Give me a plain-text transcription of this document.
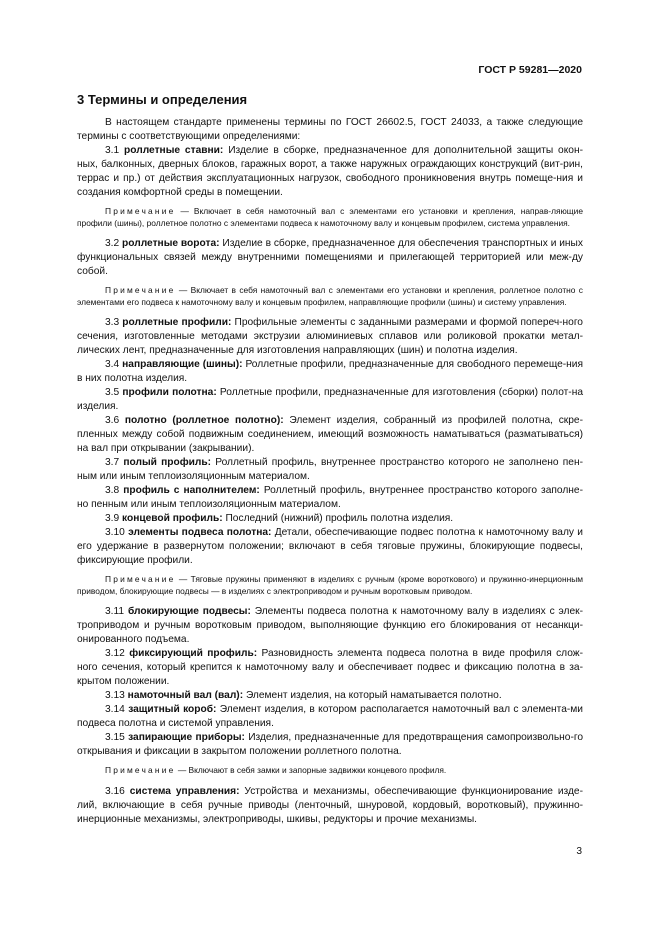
ГОСТ Р 59281—2020
3 Термины и определения

В настоящем стандарте применены термины по ГОСТ 26602.5, ГОСТ 24033, а также следующие термины с соответствующими определениями:

3.1 роллетные ставни: Изделие в сборке, предназначенное для дополнительной защиты окон-ных, балконных, дверных блоков, гаражных ворот, а также наружных ограждающих конструкций (вит-рин, террас и пр.) от действия эксплуатационных нагрузок, свободного проникновения внутрь помеще-ния и создания комфортной среды в помещении.

Примечание — Включает в себя намоточный вал с элементами его установки и крепления, направ-ляющие профили (шины), роллетное полотно с элементами подвеса к намоточному валу и концевым профилем, система управления.

3.2 роллетные ворота: Изделие в сборке, предназначенное для обеспечения транспортных и иных функциональных связей между внутренними помещениями и прилегающей территорией или меж-ду собой.

Примечание — Включает в себя намоточный вал с элементами его установки и крепления, роллетное полотно с элементами его подвеса к намоточному валу и концевым профилем, направляющие профили (шины) и систему управления.

3.3 роллетные профили: Профильные элементы с заданными размерами и формой попереч-ного сечения, изготовленные методами экструзии алюминиевых сплавов или роликовой прокатки метал-лических лент, предназначенные для изготовления направляющих (шин) и полотна изделия.

3.4 направляющие (шины): Роллетные профили, предназначенные для свободного перемеще-ния в них полотна изделия.

3.5 профили полотна: Роллетные профили, предназначенные для изготовления (сборки) полот-на изделия.

3.6 полотно (роллетное полотно): Элемент изделия, собранный из профилей полотна, скре-пленных между собой подвижным соединением, имеющий возможность наматываться (разматываться) на вал при открывании (закрывании).

3.7 полый профиль: Роллетный профиль, внутреннее пространство которого не заполнено пен-ным или иным теплоизоляционным материалом.

3.8 профиль с наполнителем: Роллетный профиль, внутреннее пространство которого заполне-но пенным или иным теплоизоляционным материалом.

3.9 концевой профиль: Последний (нижний) профиль полотна изделия.

3.10 элементы подвеса полотна: Детали, обеспечивающие подвес полотна к намоточному валу и его удержание в развернутом положении; включают в себя тяговые пружины, блокирующие подвесы, фиксирующие профили.

Примечание — Тяговые пружины применяют в изделиях с ручным (кроме вороткового) и пружинно-инерционным приводом, блокирующие подвесы — в изделиях с электроприводом и ручным воротковым приводом.

3.11 блокирующие подвесы: Элементы подвеса полотна к намоточному валу в изделиях с элек-троприводом и ручным воротковым приводом, выполняющие функцию его блокирования от несанкци-онированного подъема.

3.12 фиксирующий профиль: Разновидность элемента подвеса полотна в виде профиля слож-ного сечения, который крепится к намоточному валу и обеспечивает подвес и фиксацию полотна в за-крытом положении.

3.13 намоточный вал (вал): Элемент изделия, на который наматывается полотно.

3.14 защитный короб: Элемент изделия, в котором располагается намоточный вал с элемента-ми подвеса полотна и системой управления.

3.15 запирающие приборы: Изделия, предназначенные для предотвращения самопроизвольно-го открывания и фиксации в закрытом положении роллетного полотна.

Примечание — Включают в себя замки и запорные задвижки концевого профиля.

3.16 система управления: Устройства и механизмы, обеспечивающие функционирование изде-лий, включающие в себя ручные приводы (ленточный, шнуровой, кордовый, воротковый), пружинно-инерционные механизмы, электроприводы, шкивы, редукторы и прочие механизмы.

3
